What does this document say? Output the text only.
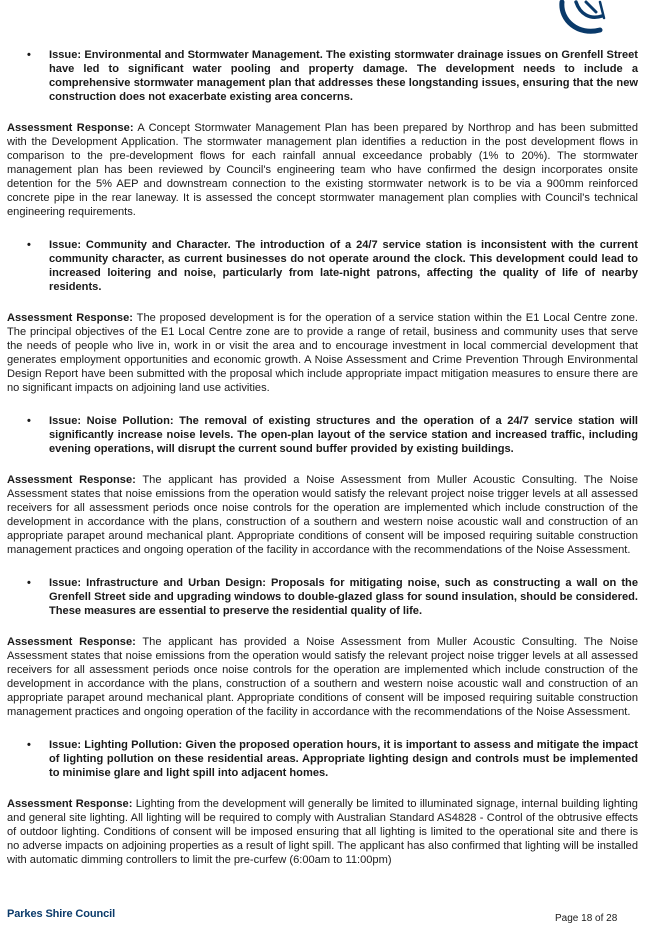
•	Issue: Environmental and Stormwater Management. The existing stormwater drainage issues on Grenfell Street have led to significant water pooling and property damage. The development needs to include a comprehensive stormwater management plan that addresses these longstanding issues, ensuring that the new construction does not exacerbate existing area concerns.

Assessment Response: A Concept Stormwater Management Plan has been prepared by Northrop and has been submitted with the Development Application. The stormwater management plan identifies a reduction in the post development flows in comparison to the pre-development flows for each rainfall annual exceedance probably (1% to 20%). The stormwater management plan has been reviewed by Council's engineering team who have confirmed the design incorporates onsite detention for the 5% AEP and downstream connection to the existing stormwater network is to be via a 900mm reinforced concrete pipe in the rear laneway. It is assessed the concept stormwater management plan complies with Council's technical engineering requirements.

•	Issue: Community and Character. The introduction of a 24/7 service station is inconsistent with the current community character, as current businesses do not operate around the clock. This development could lead to increased loitering and noise, particularly from late-night patrons, affecting the quality of life of nearby residents.

Assessment Response: The proposed development is for the operation of a service station within the E1 Local Centre zone. The principal objectives of the E1 Local Centre zone are to provide a range of retail, business and community uses that serve the needs of people who live in, work in or visit the area and to encourage investment in local commercial development that generates employment opportunities and economic growth. A Noise Assessment and Crime Prevention Through Environmental Design Report have been submitted with the proposal which include appropriate impact mitigation measures to ensure there are no significant impacts on adjoining land use activities.

•	Issue: Noise Pollution: The removal of existing structures and the operation of a 24/7 service station will significantly increase noise levels. The open-plan layout of the service station and increased traffic, including evening operations, will disrupt the current sound buffer provided by existing buildings.

Assessment Response: The applicant has provided a Noise Assessment from Muller Acoustic Consulting. The Noise Assessment states that noise emissions from the operation would satisfy the relevant project noise trigger levels at all assessed receivers for all assessment periods once noise controls for the operation are implemented which include construction of the development in accordance with the plans, construction of a southern and western noise acoustic wall and construction of an appropriate parapet around mechanical plant. Appropriate conditions of consent will be imposed requiring suitable construction management practices and ongoing operation of the facility in accordance with the recommendations of the Noise Assessment.

•	Issue: Infrastructure and Urban Design: Proposals for mitigating noise, such as constructing a wall on the Grenfell Street side and upgrading windows to double-glazed glass for sound insulation, should be considered. These measures are essential to preserve the residential quality of life.

Assessment Response: The applicant has provided a Noise Assessment from Muller Acoustic Consulting. The Noise Assessment states that noise emissions from the operation would satisfy the relevant project noise trigger levels at all assessed receivers for all assessment periods once noise controls for the operation are implemented which include construction of the development in accordance with the plans, construction of a southern and western noise acoustic wall and construction of an appropriate parapet around mechanical plant. Appropriate conditions of consent will be imposed requiring suitable construction management practices and ongoing operation of the facility in accordance with the recommendations of the Noise Assessment.

•	Issue: Lighting Pollution: Given the proposed operation hours, it is important to assess and mitigate the impact of lighting pollution on these residential areas. Appropriate lighting design and controls must be implemented to minimise glare and light spill into adjacent homes.

Assessment Response: Lighting from the development will generally be limited to illuminated signage, internal building lighting and general site lighting. All lighting will be required to comply with Australian Standard AS4828 - Control of the obtrusive effects of outdoor lighting. Conditions of consent will be imposed ensuring that all lighting is limited to the operational site and there is no adverse impacts on adjoining properties as a result of light spill. The applicant has also confirmed that lighting will be installed with automatic dimming controllers to limit the pre-curfew (6:00am to 11:00pm)

Parkes Shire Council	Page 18 of 28
